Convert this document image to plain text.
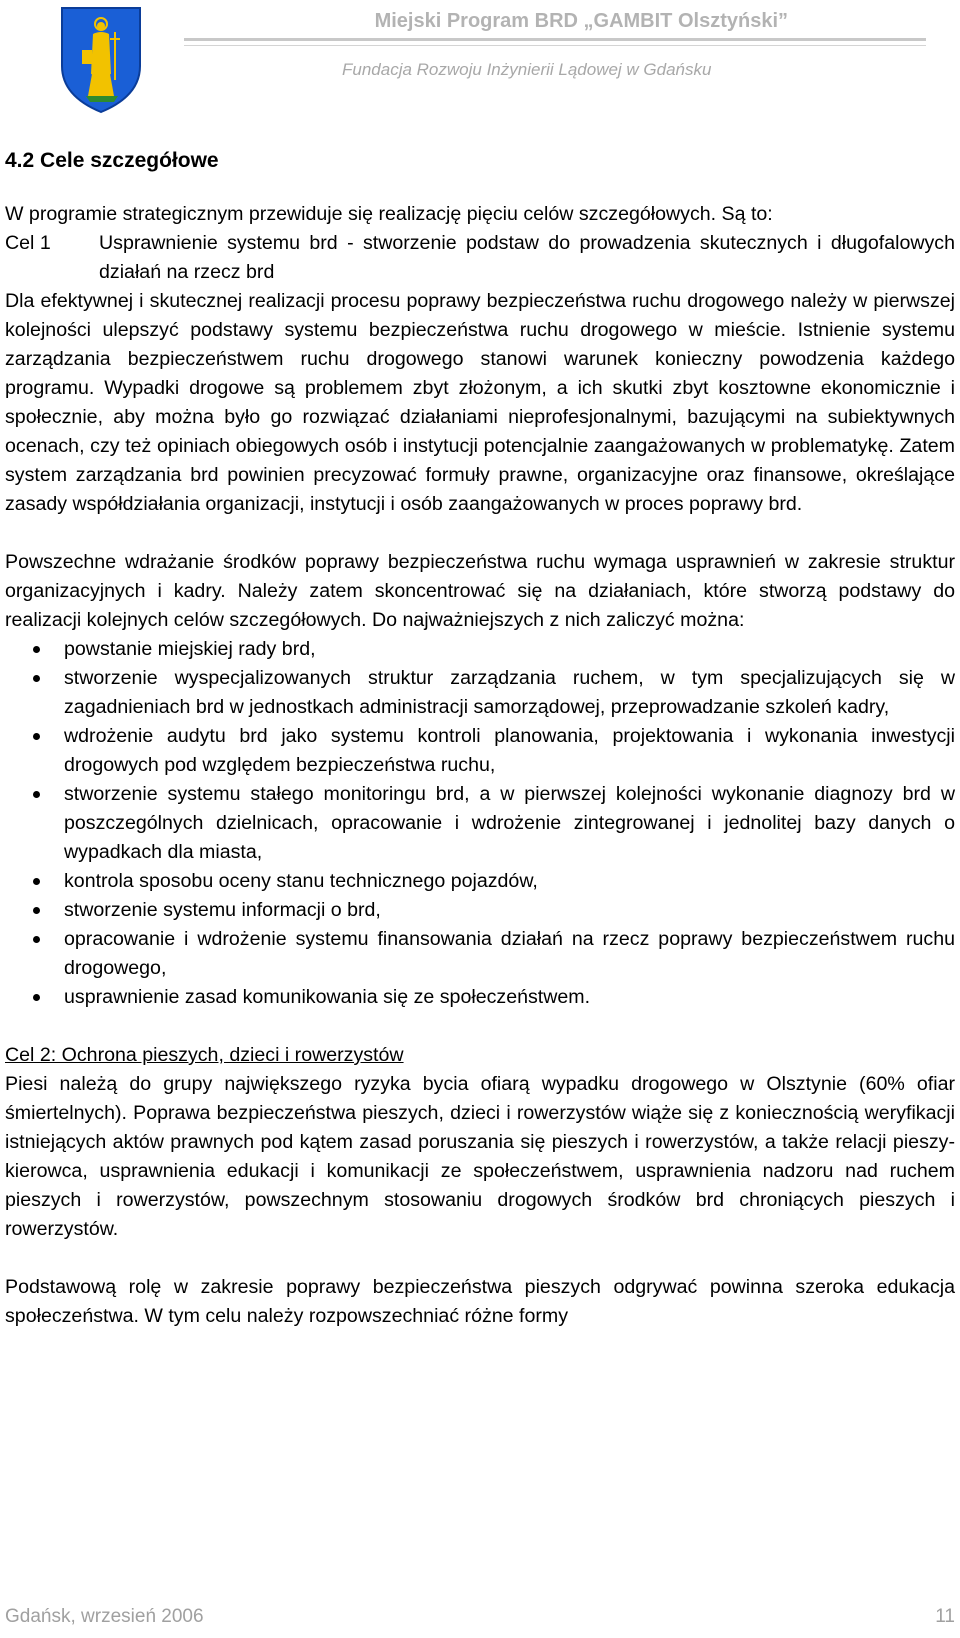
Miejski Program BRD „GAMBIT Olsztyński”
Fundacja Rozwoju Inżynierii Lądowej w Gdańsku
4.2 Cele szczegółowe

W programie strategicznym przewiduje się realizację pięciu celów szczegółowych. Są to:

Cel 1	Usprawnienie systemu brd - stworzenie podstaw do prowadzenia skutecznych i długofalowych działań na rzecz brd

Dla efektywnej i skutecznej realizacji procesu poprawy bezpieczeństwa ruchu drogowego należy w pierwszej kolejności ulepszyć podstawy systemu bezpieczeństwa ruchu drogowego w mieście. Istnienie systemu zarządzania bezpieczeństwem ruchu drogowego stanowi warunek konieczny powodzenia każdego programu. Wypadki drogowe są problemem zbyt złożonym, a ich skutki zbyt kosztowne ekonomicznie i społecznie, aby można było go rozwiązać działaniami nieprofesjonalnymi, bazującymi na subiektywnych ocenach, czy też opiniach obiegowych osób i instytucji potencjalnie zaangażowanych w problematykę. Zatem system zarządzania brd powinien precyzować formuły prawne, organizacyjne oraz finansowe, określające zasady współdziałania organizacji, instytucji i osób zaangażowanych w proces poprawy brd.

Powszechne wdrażanie środków poprawy bezpieczeństwa ruchu wymaga usprawnień w zakresie struktur organizacyjnych i kadry. Należy zatem skoncentrować się na działaniach, które stworzą podstawy do realizacji kolejnych celów szczegółowych. Do najważniejszych z nich zaliczyć można:

powstanie miejskiej rady brd,
stworzenie wyspecjalizowanych struktur zarządzania ruchem, w tym specjalizujących się w zagadnieniach brd w jednostkach administracji samorządowej, przeprowadzanie szkoleń kadry,
wdrożenie audytu brd jako systemu kontroli planowania, projektowania i wykonania inwestycji drogowych pod względem bezpieczeństwa ruchu,
stworzenie systemu stałego monitoringu brd, a w pierwszej kolejności wykonanie diagnozy brd w poszczególnych dzielnicach, opracowanie i wdrożenie zintegrowanej i jednolitej bazy danych o wypadkach dla miasta,
kontrola sposobu oceny stanu technicznego pojazdów,
stworzenie systemu informacji o brd,
opracowanie i wdrożenie systemu finansowania działań na rzecz poprawy bezpieczeństwem ruchu drogowego,
usprawnienie zasad komunikowania się ze społeczeństwem.

Cel 2: Ochrona pieszych, dzieci i rowerzystów

Piesi należą do grupy największego ryzyka bycia ofiarą wypadku drogowego w Olsztynie (60% ofiar śmiertelnych). Poprawa bezpieczeństwa pieszych, dzieci i rowerzystów wiąże się z koniecznością weryfikacji istniejących aktów prawnych pod kątem zasad poruszania się pieszych i rowerzystów, a także relacji pieszy-kierowca, usprawnienia edukacji i komunikacji ze społeczeństwem, usprawnienia nadzoru nad ruchem pieszych i rowerzystów, powszechnym stosowaniu drogowych środków brd chroniących pieszych i rowerzystów.

Podstawową rolę w zakresie poprawy bezpieczeństwa pieszych odgrywać powinna szeroka edukacja społeczeństwa. W tym celu należy rozpowszechniać różne formy

Gdańsk, wrzesień 2006	11
